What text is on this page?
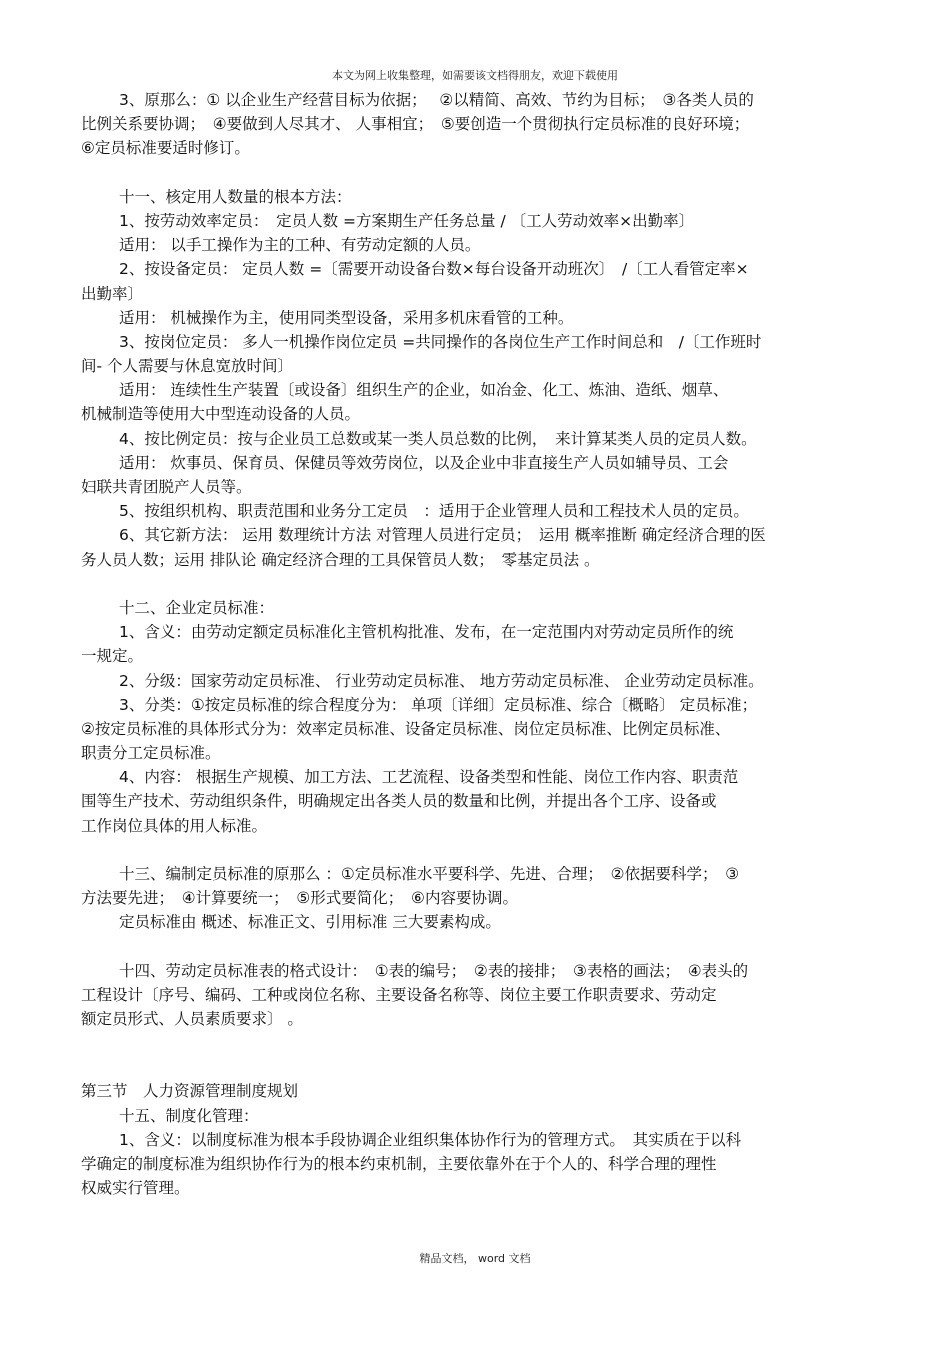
本文为网上收集整理，如需要该文档得朋友，欢迎下载使用
3、原那么：① 以企业生产经营目标为依据；　 ②以精简、高效、节约为目标；　③各类人员的
比例关系要协调；　④要做到人尽其才、 人事相宜；　⑤要创造一个贯彻执行定员标准的良好环境；
⑥定员标准要适时修订。
十一、核定用人数量的根本方法：
1、按劳动效率定员：　定员人数 =方案期生产任务总量 / 〔工人劳动效率×出勤率〕
适用： 以手工操作为主的工种、有劳动定额的人员。
2、按设备定员： 定员人数 =〔需要开动设备台数×每台设备开动班次〕　/〔工人看管定率×
出勤率〕
适用： 机械操作为主，使用同类型设备，采用多机床看管的工种。
3、按岗位定员： 多人一机操作岗位定员 =共同操作的各岗位生产工作时间总和　/〔工作班时
间- 个人需要与休息宽放时间〕
适用： 连续性生产装置〔或设备〕组织生产的企业，如冶金、化工、炼油、造纸、烟草、
机械制造等使用大中型连动设备的人员。
4、按比例定员：按与企业员工总数或某一类人员总数的比例，　来计算某类人员的定员人数。
适用： 炊事员、保育员、保健员等效劳岗位，以及企业中非直接生产人员如辅导员、工会
妇联共青团脱产人员等。
5、按组织机构、职责范围和业务分工定员　：适用于企业管理人员和工程技术人员的定员。
6、其它新方法： 运用 数理统计方法 对管理人员进行定员；　运用 概率推断 确定经济合理的医
务人员人数；运用 排队论 确定经济合理的工具保管员人数；　零基定员法 。
十二、企业定员标准：
1、含义：由劳动定额定员标准化主管机构批准、发布，在一定范围内对劳动定员所作的统
一规定。
2、分级：国家劳动定员标准、 行业劳动定员标准、 地方劳动定员标准、 企业劳动定员标准。
3、分类：①按定员标准的综合程度分为： 单项〔详细〕定员标准、综合〔概略〕 定员标准；
②按定员标准的具体形式分为：效率定员标准、设备定员标准、岗位定员标准、比例定员标准、
职责分工定员标准。
4、内容： 根据生产规模、加工方法、工艺流程、设备类型和性能、岗位工作内容、职责范
围等生产技术、劳动组织条件，明确规定出各类人员的数量和比例，并提出各个工序、设备或
工作岗位具体的用人标准。
十三、编制定员标准的原那么 ：①定员标准水平要科学、先进、合理；　②依据要科学；　③
方法要先进；　④计算要统一；　⑤形式要简化；　⑥内容要协调。
定员标准由 概述、标准正文、引用标准 三大要素构成。
十四、劳动定员标准表的格式设计：　①表的编号；　②表的接排；　③表格的画法；　④表头的
工程设计〔序号、编码、工种或岗位名称、主要设备名称等、岗位主要工作职责要求、劳动定
额定员形式、人员素质要求〕 。
第三节　人力资源管理制度规划
十五、制度化管理：
1、含义：以制度标准为根本手段协调企业组织集体协作行为的管理方式。　其实质在于以科
学确定的制度标准为组织协作行为的根本约束机制，主要依靠外在于个人的、科学合理的理性
权威实行管理。
精品文档， word 文档
